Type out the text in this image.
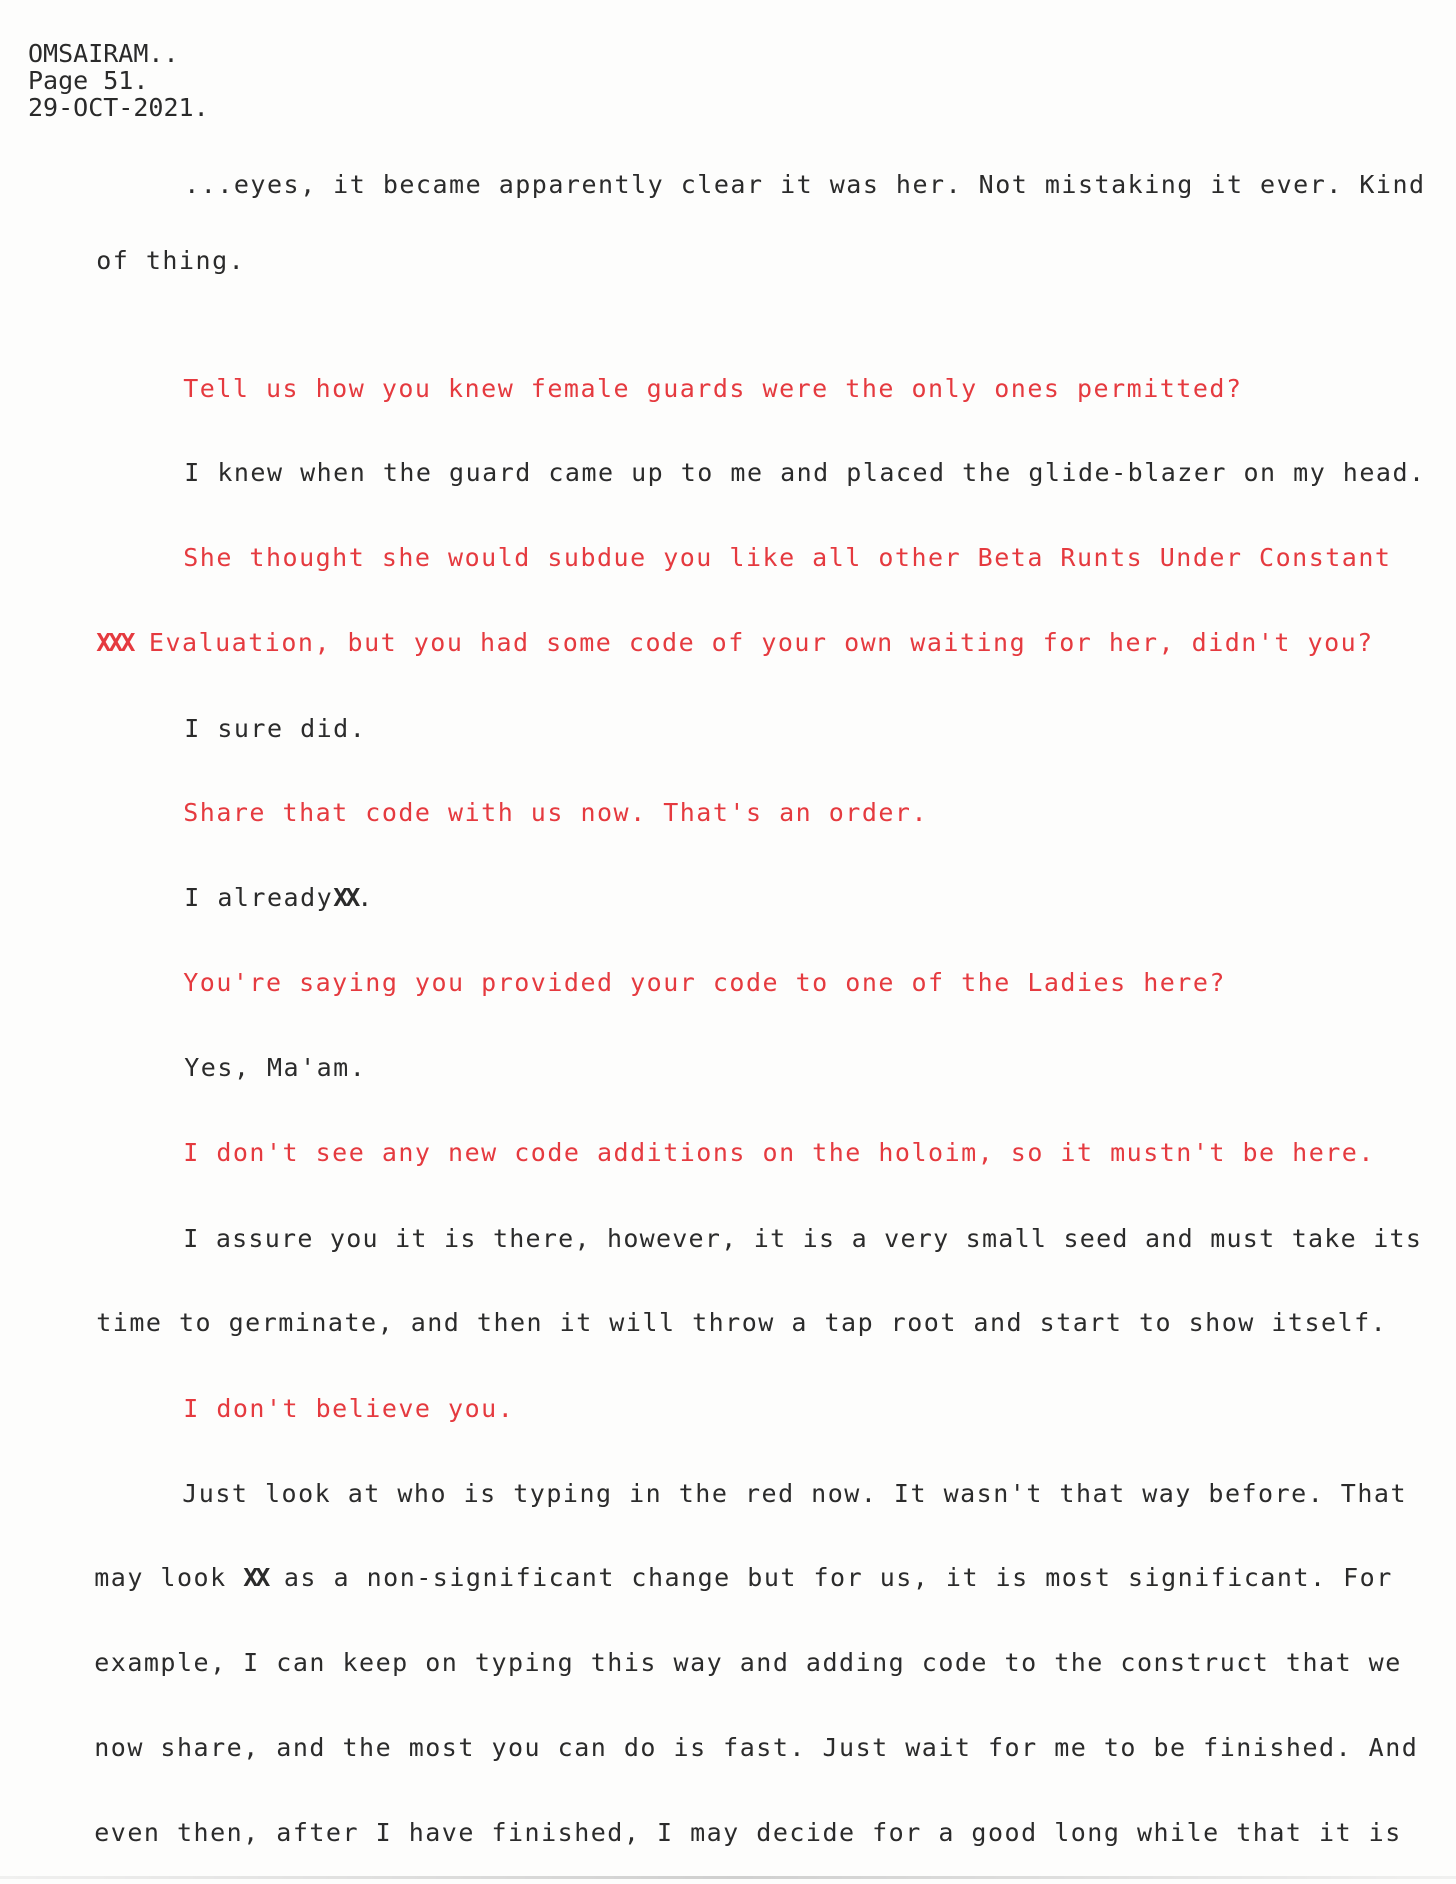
OMSAIRAM..
Page 51.
29-OCT-2021.

...eyes, it became apparently clear it was her. Not mistaking it ever. Kind

of thing.

Tell us how you knew female guards were the only ones permitted?

I knew when the guard came up to me and placed the glide-blazer on my head.

She thought she would subdue you like all other Beta Runts Under Constant

XXX Evaluation, but you had some code of your own waiting for her, didn't you?

I sure did.

Share that code with us now. That's an order.

I alreadyXX.

You're saying you provided your code to one of the Ladies here?

Yes, Ma'am.

I don't see any new code additions on the holoim, so it mustn't be here.

I assure you it is there, however, it is a very small seed and must take its

time to germinate, and then it will throw a tap root and start to show itself.

I don't believe you.

Just look at who is typing in the red now. It wasn't that way before. That

may look XX as a non-significant change but for us, it is most significant. For

example, I can keep on typing this way and adding code to the construct that we

now share, and the most you can do is fast. Just wait for me to be finished. And

even then, after I have finished, I may decide for a good long while that it is
